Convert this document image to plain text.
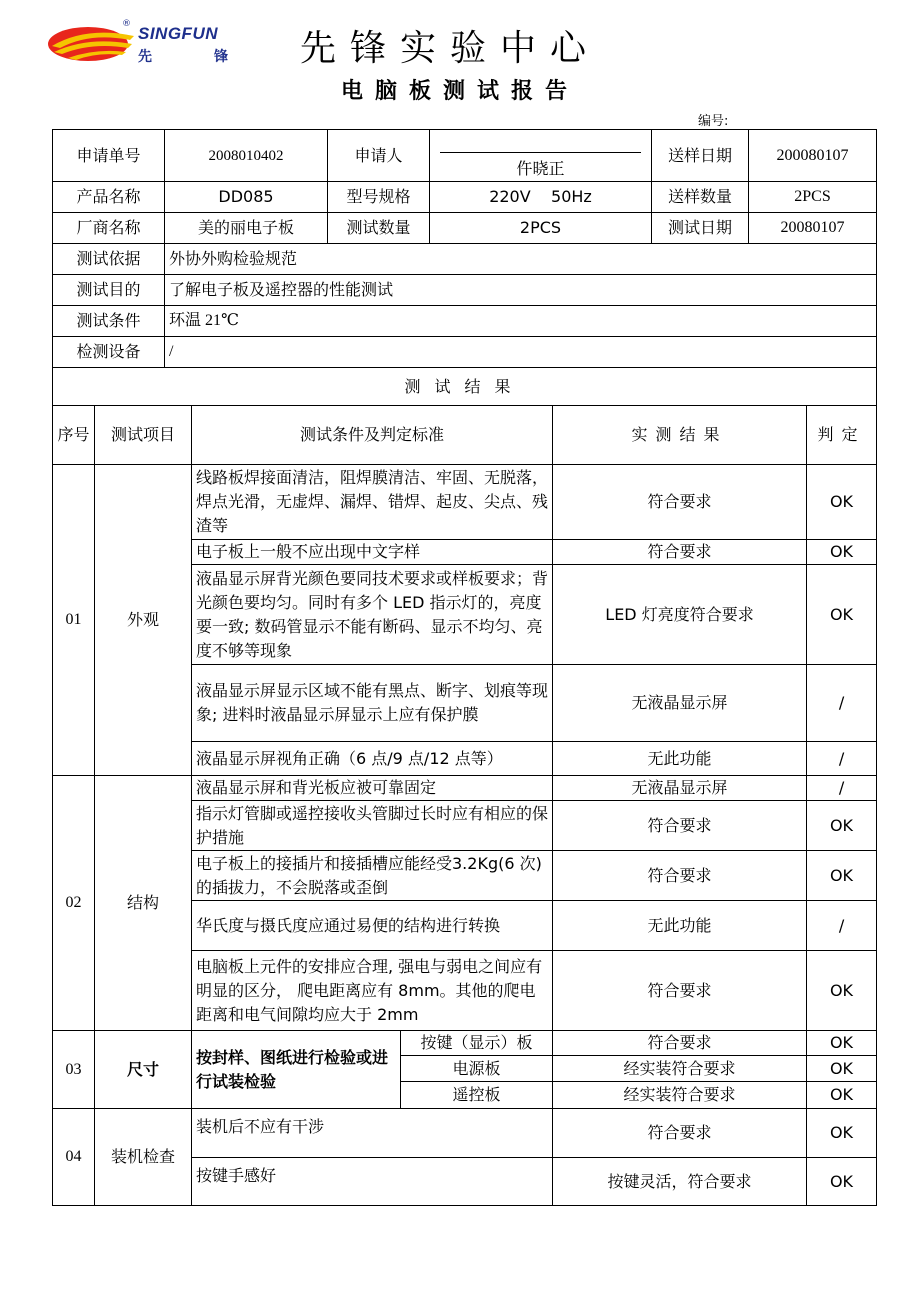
® SINGFUN
先	锋 先锋实验中心
电脑板测试报告
编号:
申请单号	2008010402	申请人	仵晓正	送样日期	200080107
产品名称	DD085	型号规格	220V    50Hz	送样数量	2PCS
厂商名称	美的丽电子板	测试数量	2PCS	测试日期	20080107
测试依据	外协外购检验规范				
测试目的	了解电子板及遥控器的性能测试				
测试条件	环温 21℃				
检测设备	/				
测试结果					
序号	测试项目	测试条件及判定标准		实测结果	判定
01	外观	线路板焊接面清洁，阻焊膜清洁、牢固、无脱落，焊点光滑，无虚焊、漏焊、错焊、起皮、尖点、残渣等		符合要求	OK
		电子板上一般不应出现中文字样		符合要求	OK
		液晶显示屏背光颜色要同技术要求或样板要求；背光颜色要均匀。同时有多个 LED 指示灯的，亮度要一致; 数码管显示不能有断码、显示不均匀、亮度不够等现象		LED 灯亮度符合要求	OK
		液晶显示屏显示区域不能有黑点、断字、划痕等现象; 进料时液晶显示屏显示上应有保护膜		无液晶显示屏	/
		液晶显示屏视角正确（6 点/9 点/12 点等）		无此功能	/
02	结构	液晶显示屏和背光板应被可靠固定		无液晶显示屏	/
		指示灯管脚或遥控接收头管脚过长时应有相应的保护措施		符合要求	OK
		电子板上的接插片和接插槽应能经受3.2Kg(6 次)的插拔力，不会脱落或歪倒		符合要求	OK
		华氏度与摄氏度应通过易便的结构进行转换		无此功能	/
		电脑板上元件的安排应合理, 强电与弱电之间应有明显的区分， 爬电距离应有 8mm。其他的爬电距离和电气间隙均应大于 2mm		符合要求	OK
03	尺寸	按封样、图纸进行检验或进行试装检验	按键（显示）板	符合要求	OK
			电源板	经实装符合要求	OK
			遥控板	经实装符合要求	OK
04	装机检查	装机后不应有干涉		符合要求	OK
		按键手感好		按键灵活，符合要求	OK
